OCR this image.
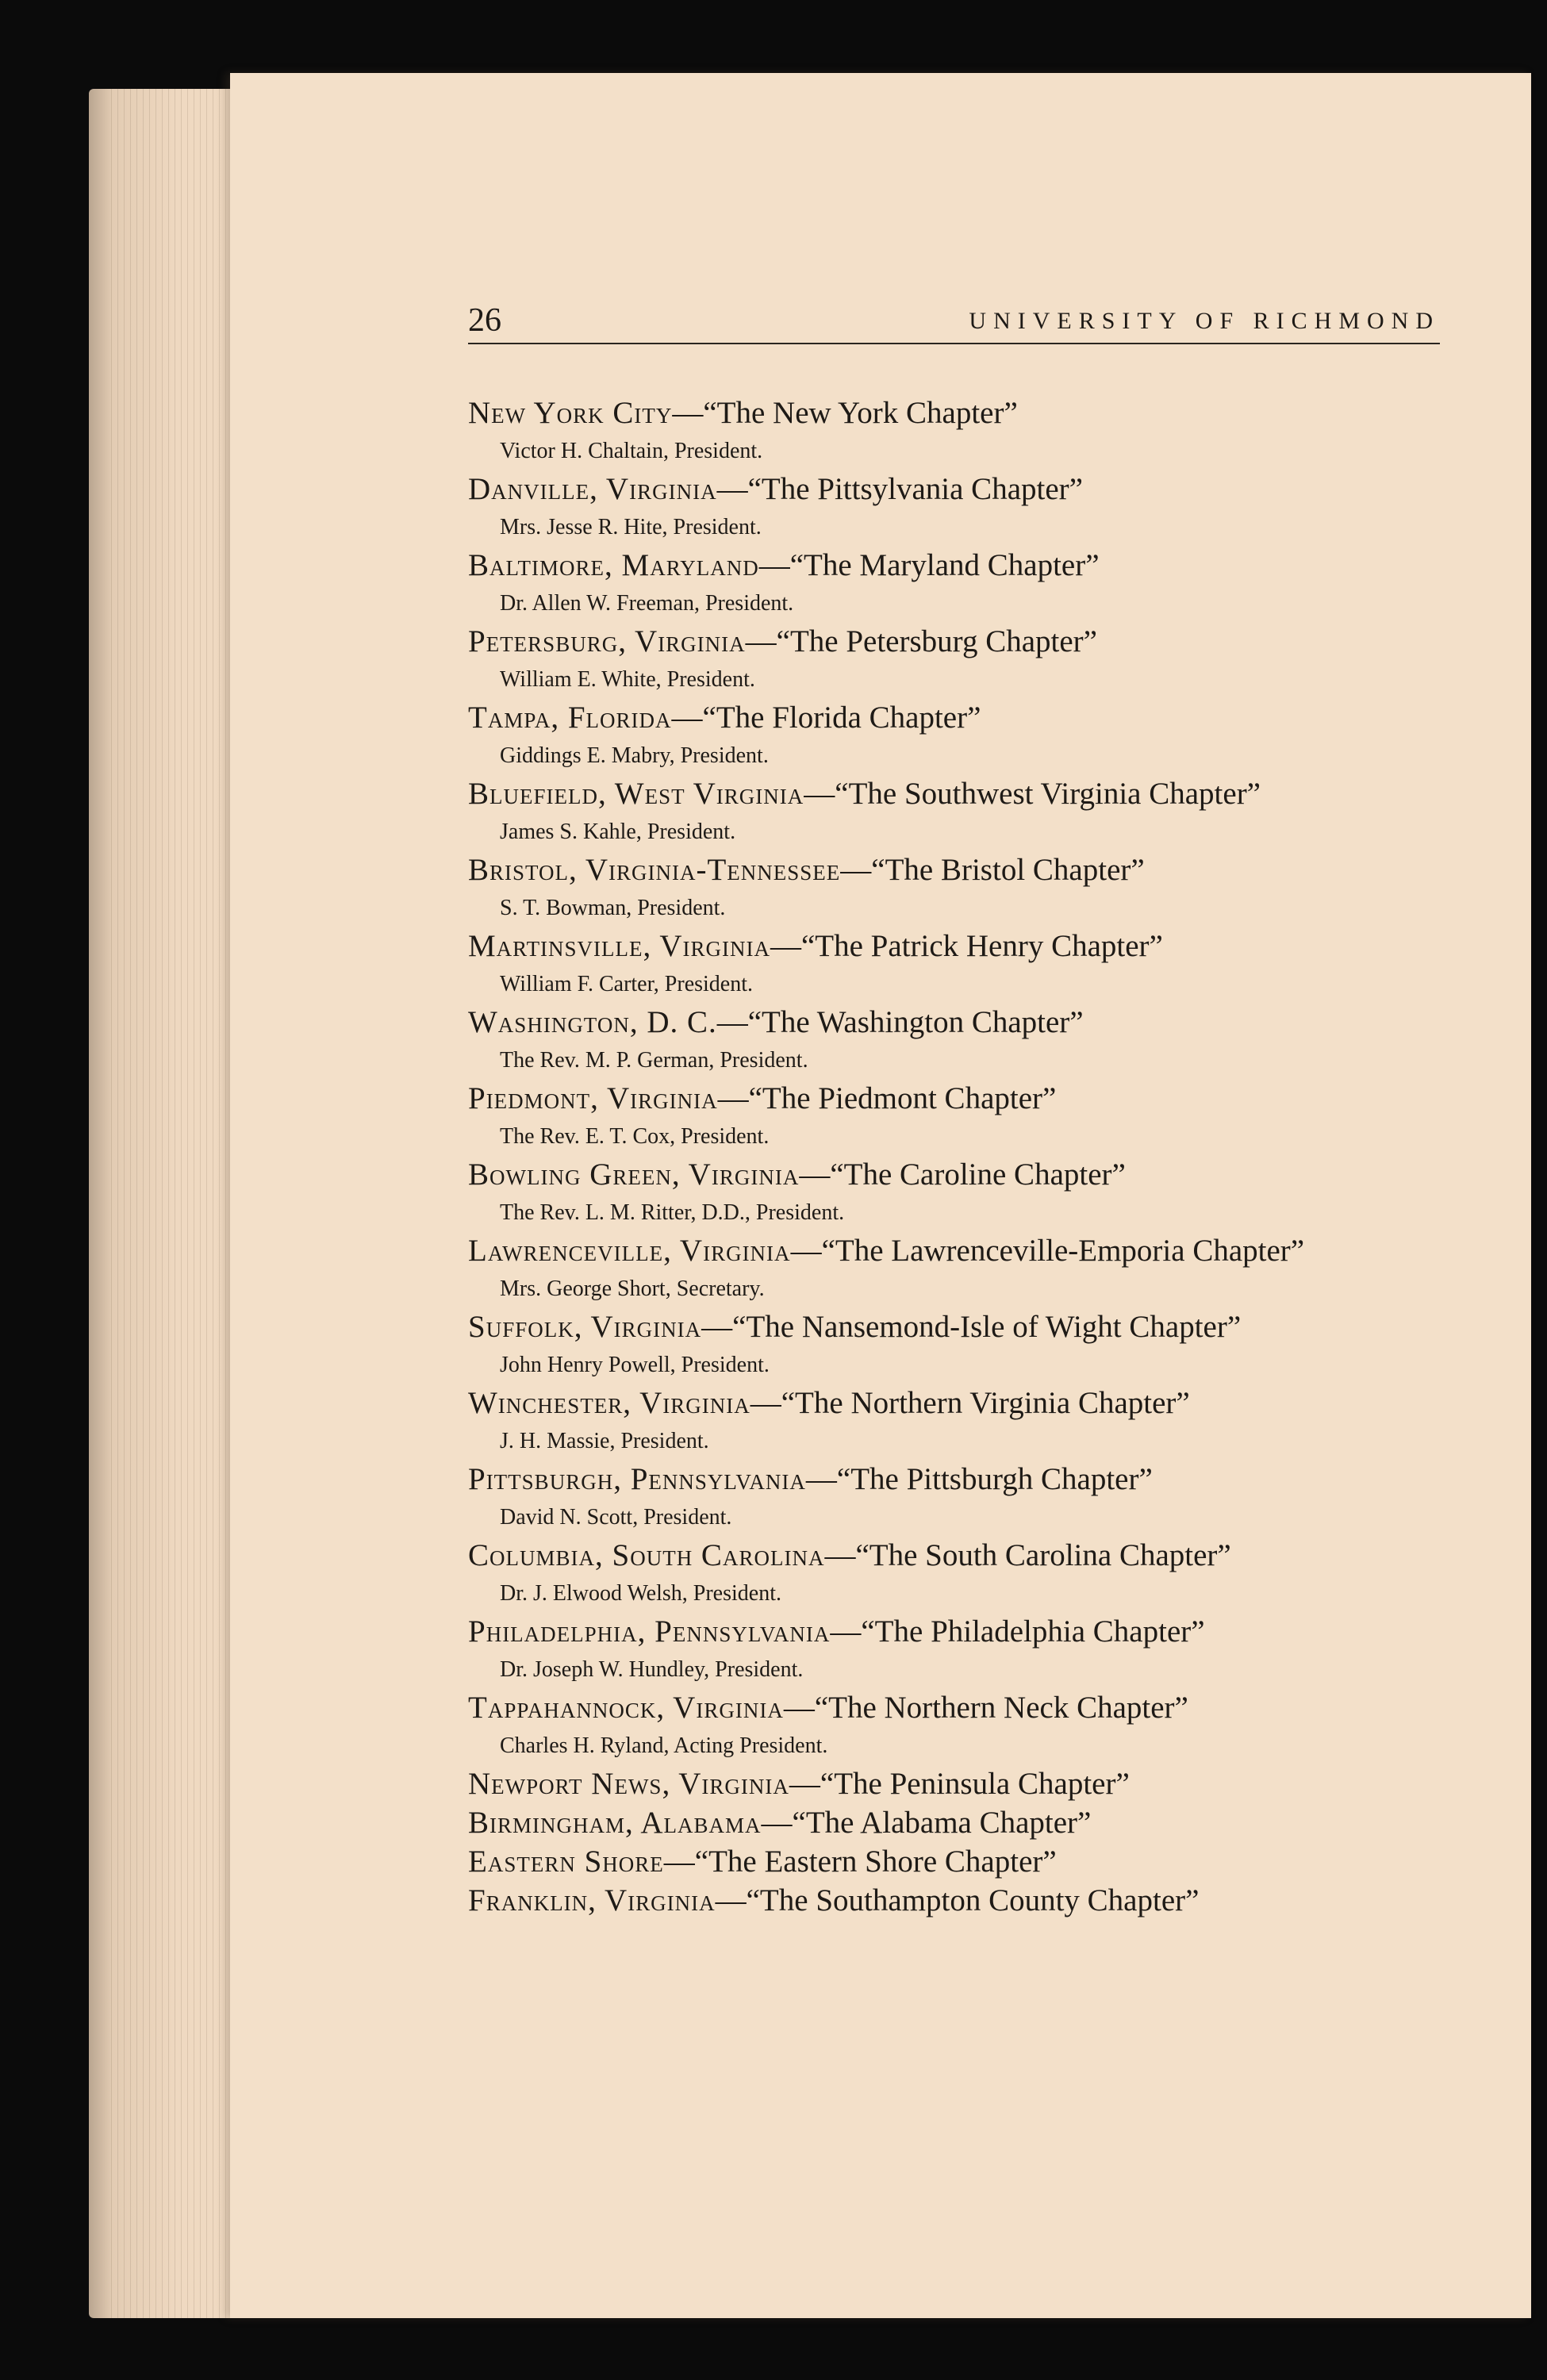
26	UNIVERSITY OF RICHMOND
New York City—“The New York Chapter”
Victor H. Chaltain, President.
Danville, Virginia—“The Pittsylvania Chapter”
Mrs. Jesse R. Hite, President.
Baltimore, Maryland—“The Maryland Chapter”
Dr. Allen W. Freeman, President.
Petersburg, Virginia—“The Petersburg Chapter”
William E. White, President.
Tampa, Florida—“The Florida Chapter”
Giddings E. Mabry, President.
Bluefield, West Virginia—“The Southwest Virginia Chapter”
James S. Kahle, President.
Bristol, Virginia-Tennessee—“The Bristol Chapter”
S. T. Bowman, President.
Martinsville, Virginia—“The Patrick Henry Chapter”
William F. Carter, President.
Washington, D. C.—“The Washington Chapter”
The Rev. M. P. German, President.
Piedmont, Virginia—“The Piedmont Chapter”
The Rev. E. T. Cox, President.
Bowling Green, Virginia—“The Caroline Chapter”
The Rev. L. M. Ritter, D.D., President.
Lawrenceville, Virginia—“The Lawrenceville-Emporia Chapter”
Mrs. George Short, Secretary.
Suffolk, Virginia—“The Nansemond-Isle of Wight Chapter”
John Henry Powell, President.
Winchester, Virginia—“The Northern Virginia Chapter”
J. H. Massie, President.
Pittsburgh, Pennsylvania—“The Pittsburgh Chapter”
David N. Scott, President.
Columbia, South Carolina—“The South Carolina Chapter”
Dr. J. Elwood Welsh, President.
Philadelphia, Pennsylvania—“The Philadelphia Chapter”
Dr. Joseph W. Hundley, President.
Tappahannock, Virginia—“The Northern Neck Chapter”
Charles H. Ryland, Acting President.
Newport News, Virginia—“The Peninsula Chapter”
Birmingham, Alabama—“The Alabama Chapter”
Eastern Shore—“The Eastern Shore Chapter”
Franklin, Virginia—“The Southampton County Chapter”
